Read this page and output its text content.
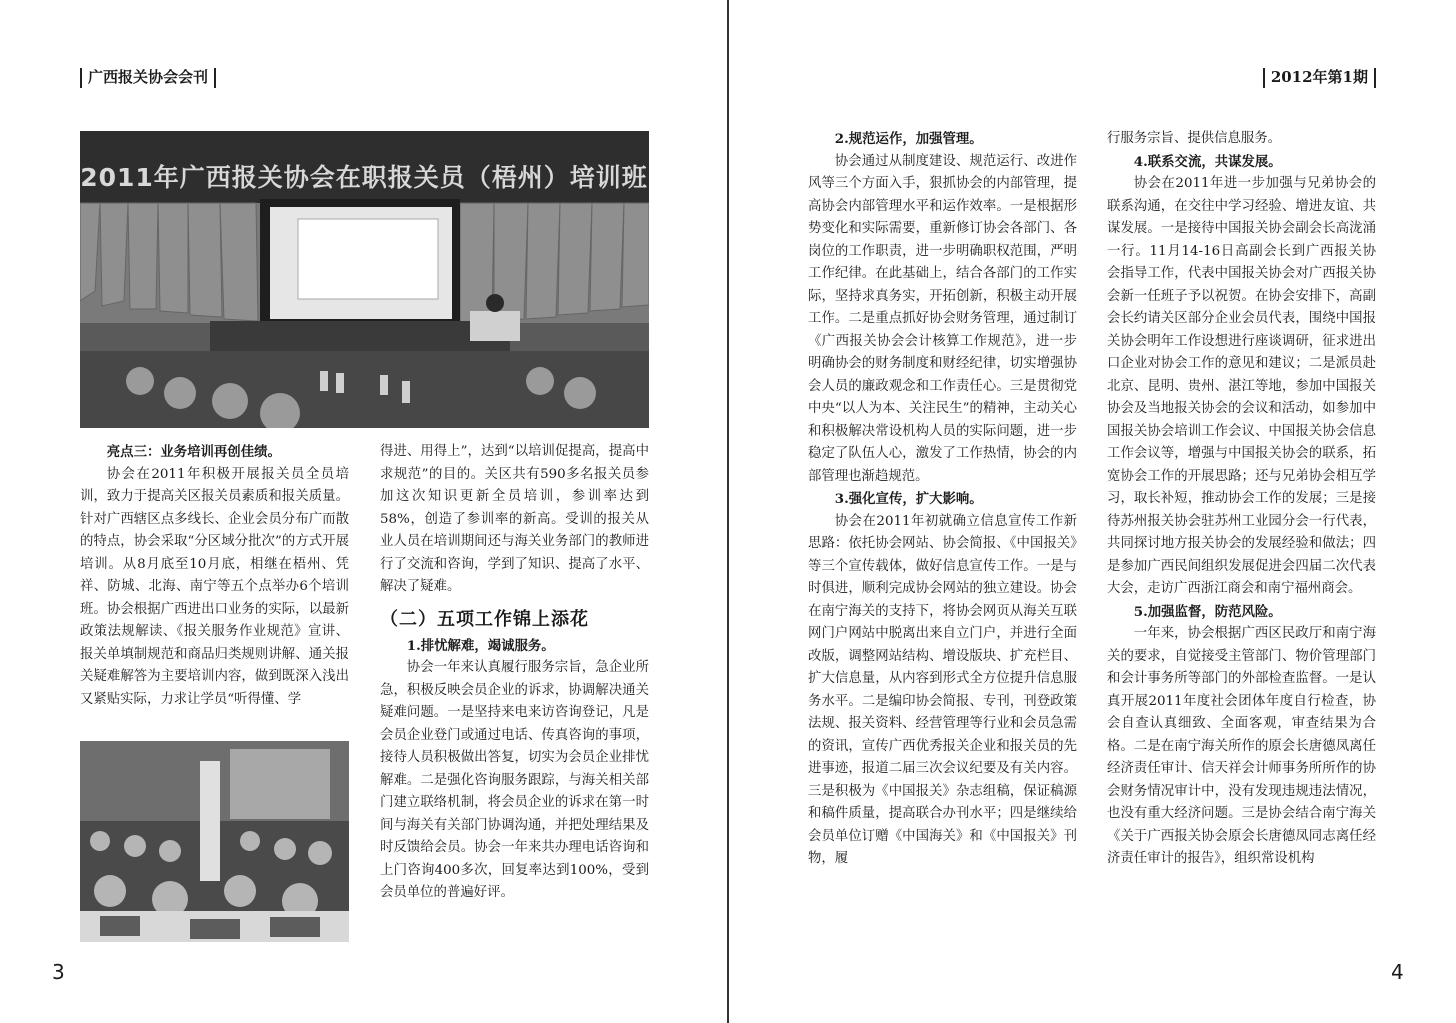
广西报关协会会刊
2011年广西报关协会在职报关员（梧州）培训班

亮点三：业务培训再创佳绩。

协会在2011年积极开展报关员全员培训，致力于提高关区报关员素质和报关质量。针对广西辖区点多线长、企业会员分布广而散的特点，协会采取“分区域分批次”的方式开展培训。从8月底至10月底，相继在梧州、凭祥、防城、北海、南宁等五个点举办6个培训班。协会根据广西进出口业务的实际，以最新政策法规解读、《报关服务作业规范》宣讲、报关单填制规范和商品归类规则讲解、通关报关疑难解答为主要培训内容，做到既深入浅出又紧贴实际，力求让学员“听得懂、学

得进、用得上”，达到“以培训促提高，提高中求规范”的目的。关区共有590多名报关员参加这次知识更新全员培训，参训率达到58%，创造了参训率的新高。受训的报关从业人员在培训期间还与海关业务部门的教师进行了交流和咨询，学到了知识、提高了水平、解决了疑难。

（二）五项工作锦上添花

1.排忧解难，竭诚服务。

协会一年来认真履行服务宗旨，急企业所急，积极反映会员企业的诉求，协调解决通关疑难问题。一是坚持来电来访咨询登记，凡是会员企业登门或通过电话、传真咨询的事项，接待人员积极做出答复，切实为会员企业排忧解难。二是强化咨询服务跟踪，与海关相关部门建立联络机制，将会员企业的诉求在第一时间与海关有关部门协调沟通，并把处理结果及时反馈给会员。协会一年来共办理电话咨询和上门咨询400多次，回复率达到100%，受到会员单位的普遍好评。

3
2012年第1期

2.规范运作，加强管理。

协会通过从制度建设、规范运行、改进作风等三个方面入手，狠抓协会的内部管理，提高协会内部管理水平和运作效率。一是根据形势变化和实际需要，重新修订协会各部门、各岗位的工作职责，进一步明确职权范围，严明工作纪律。在此基础上，结合各部门的工作实际，坚持求真务实，开拓创新，积极主动开展工作。二是重点抓好协会财务管理，通过制订《广西报关协会会计核算工作规范》，进一步明确协会的财务制度和财经纪律，切实增强协会人员的廉政观念和工作责任心。三是贯彻党中央“以人为本、关注民生”的精神，主动关心和积极解决常设机构人员的实际问题，进一步稳定了队伍人心，激发了工作热情，协会的内部管理也渐趋规范。

3.强化宣传，扩大影响。

协会在2011年初就确立信息宣传工作新思路：依托协会网站、协会简报、《中国报关》等三个宣传载体，做好信息宣传工作。一是与时俱进，顺利完成协会网站的独立建设。协会在南宁海关的支持下，将协会网页从海关互联网门户网站中脱离出来自立门户，并进行全面改版，调整网站结构、增设版块、扩充栏目、扩大信息量，从内容到形式全方位提升信息服务水平。二是编印协会简报、专刊，刊登政策法规、报关资料、经营管理等行业和会员急需的资讯，宣传广西优秀报关企业和报关员的先进事迹，报道二届三次会议纪要及有关内容。三是积极为《中国报关》杂志组稿，保证稿源和稿件质量，提高联合办刊水平；四是继续给会员单位订赠《中国海关》和《中国报关》刊物，履

行服务宗旨、提供信息服务。

4.联系交流，共谋发展。

协会在2011年进一步加强与兄弟协会的联系沟通，在交往中学习经验、增进友谊、共谋发展。一是接待中国报关协会副会长高泷涌一行。11月14-16日高副会长到广西报关协会指导工作，代表中国报关协会对广西报关协会新一任班子予以祝贺。在协会安排下，高副会长约请关区部分企业会员代表，围绕中国报关协会明年工作设想进行座谈调研，征求进出口企业对协会工作的意见和建议；二是派员赴北京、昆明、贵州、湛江等地，参加中国报关协会及当地报关协会的会议和活动，如参加中国报关协会培训工作会议、中国报关协会信息工作会议等，增强与中国报关协会的联系，拓宽协会工作的开展思路；还与兄弟协会相互学习，取长补短，推动协会工作的发展；三是接待苏州报关协会驻苏州工业园分会一行代表，共同探讨地方报关协会的发展经验和做法；四是参加广西民间组织发展促进会四届二次代表大会，走访广西浙江商会和南宁福州商会。

5.加强监督，防范风险。

一年来，协会根据广西区民政厅和南宁海关的要求，自觉接受主管部门、物价管理部门和会计事务所等部门的外部检查监督。一是认真开展2011年度社会团体年度自行检查，协会自查认真细致、全面客观，审查结果为合格。二是在南宁海关所作的原会长唐德凤离任经济责任审计、信天祥会计师事务所所作的协会财务情况审计中，没有发现违规违法情况，也没有重大经济问题。三是协会结合南宁海关《关于广西报关协会原会长唐德凤同志离任经济责任审计的报告》，组织常设机构

4
